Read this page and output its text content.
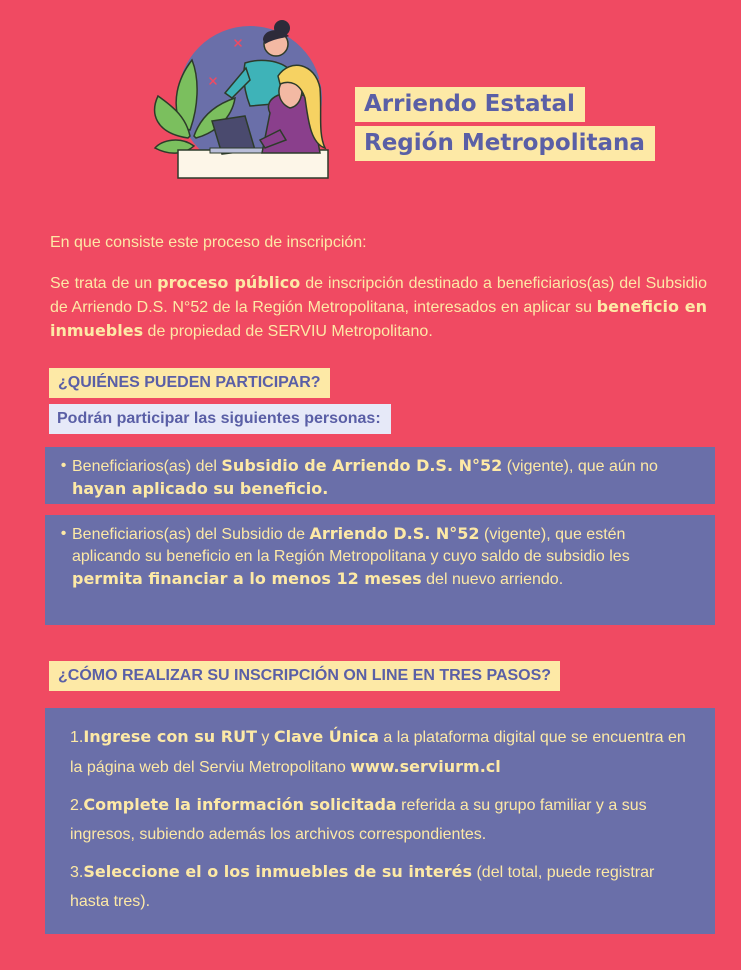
Arriendo Estatal
Región Metropolitana
En que consiste este proceso de inscripción:
Se trata de un proceso público de inscripción destinado a beneficiarios(as) del Subsidio de Arriendo D.S. N°52 de la Región Metropolitana, interesados en aplicar su beneficio en inmuebles de propiedad de SERVIU Metropolitano.
¿QUIÉNES PUEDEN PARTICIPAR?
Podrán participar las siguientes personas:
• Beneficiarios(as) del Subsidio de Arriendo D.S. N°52 (vigente), que aún no hayan aplicado su beneficio.
• Beneficiarios(as) del Subsidio de Arriendo D.S. N°52 (vigente), que estén aplicando su beneficio en la Región Metropolitana y cuyo saldo de subsidio les permita financiar a lo menos 12 meses del nuevo arriendo.
¿CÓMO REALIZAR SU INSCRIPCIÓN ON LINE EN TRES PASOS?
1.Ingrese con su RUT y Clave Única a la plataforma digital que se encuentra en la página web del Serviu Metropolitano www.serviurm.cl
2.Complete la información solicitada referida a su grupo familiar y a sus ingresos, subiendo además los archivos correspondientes.
3.Seleccione el o los inmuebles de su interés (del total, puede registrar hasta tres).
